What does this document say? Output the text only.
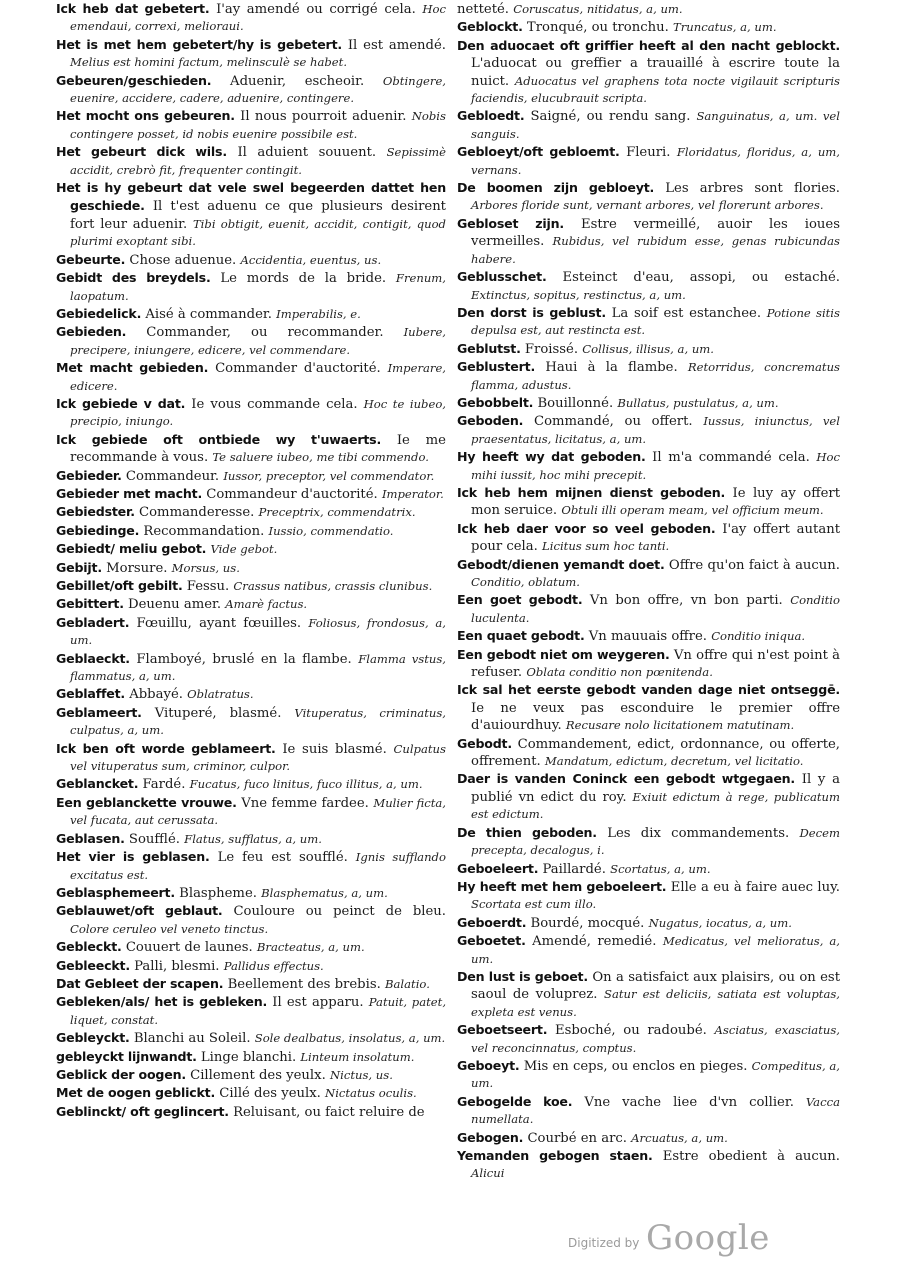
Ick heb dat gebetert. I'ay amendé ou corrigé cela. Hoc emendaui, correxi, melioraui.

Het is met hem gebetert/hy is gebetert. Il est amendé. Melius est homini factum, melinsculè se habet.

Gebeuren/geschieden. Aduenir, escheoir. Obtingere, euenire, accidere, cadere, aduenire, contingere.

Het mocht ons gebeuren. Il nous pourroit aduenir. Nobis contingere posset, id nobis euenire possibile est.

Het gebeurt dick wils. Il aduient souuent. Sepissimè accidit, crebrò fit, frequenter contingit.

Het is hy gebeurt dat vele swel begeerden dattet hen geschiede. Il t'est aduenu ce que plusieurs desirent fort leur aduenir. Tibi obtigit, euenit, accidit, contigit, quod plurimi exoptant sibi.

Gebeurte. Chose aduenue. Accidentia, euentus, us.

Gebidt des breydels. Le mords de la bride. Frenum, laopatum.

Gebiedelick. Aisé à commander. Imperabilis, e.

Gebieden. Commander, ou recommander. Iubere, precipere, iniungere, edicere, vel commendare.

Met macht gebieden. Commander d'auctorité. Imperare, edicere.

Ick gebiede v dat. Ie vous commande cela. Hoc te iubeo, precipio, iniungo.

Ick gebiede oft ontbiede wy t'uwaerts. Ie me recommande à vous. Te saluere iubeo, me tibi commendo.

Gebieder. Commandeur. Iussor, preceptor, vel commendator.

Gebieder met macht. Commandeur d'auctorité. Imperator.

Gebiedster. Commanderesse. Preceptrix, commendatrix.

Gebiedinge. Recommandation. Iussio, commendatio.

Gebiedt/ meliu gebot. Vide gebot.

Gebijt. Morsure. Morsus, us.

Gebillet/oft gebilt. Fessu. Crassus natibus, crassis clunibus.

Gebittert. Deuenu amer. Amarè factus.

Gebladert. Fœuillu, ayant fœuilles. Foliosus, frondosus, a, um.

Geblaeckt. Flamboyé, bruslé en la flambe. Flamma vstus, flammatus, a, um.

Geblaffet. Abbayé. Oblatratus.

Geblameert. Vituperé, blasmé. Vituperatus, criminatus, culpatus, a, um.

Ick ben oft worde geblameert. Ie suis blasmé. Culpatus vel vituperatus sum, criminor, culpor.

Geblancket. Fardé. Fucatus, fuco linitus, fuco illitus, a, um.

Een geblanckette vrouwe. Vne femme fardee. Mulier ficta, vel fucata, aut cerussata.

Geblasen. Soufflé. Flatus, sufflatus, a, um.

Het vier is geblasen. Le feu est soufflé. Ignis sufflando excitatus est.

Geblasphemeert. Blaspheme. Blasphematus, a, um.

Geblauwet/oft geblaut. Couloure ou peinct de bleu. Colore ceruleo vel veneto tinctus.

Gebleckt. Couuert de launes. Bracteatus, a, um.

Gebleeckt. Palli, blesmi. Pallidus effectus.

Dat Gebleet der scapen. Beellement des brebis. Balatio.

Gebleken/als/ het is gebleken. Il est apparu. Patuit, patet, liquet, constat.

Gebleyckt. Blanchi au Soleil. Sole dealbatus, insolatus, a, um.

gebleyckt lijnwandt. Linge blanchi. Linteum insolatum.

Geblick der oogen. Cillement des yeulx. Nictus, us.

Met de oogen geblickt. Cillé des yeulx. Nictatus oculis.

Geblinckt/ oft geglincert. Reluisant, ou faict reluire de

netteté. Coruscatus, nitidatus, a, um.

Geblockt. Tronqué, ou tronchu. Truncatus, a, um.

Den aduocaet oft griffier heeft al den nacht geblockt. L'aduocat ou greffier a trauaillé à escrire toute la nuict. Aduocatus vel graphens tota nocte vigilauit scripturis faciendis, elucubrauit scripta.

Gebloedt. Saigné, ou rendu sang. Sanguinatus, a, um. vel sanguis.

Gebloeyt/oft gebloemt. Fleuri. Floridatus, floridus, a, um, vernans.

De boomen zijn gebloeyt. Les arbres sont flories. Arbores floride sunt, vernant arbores, vel florerunt arbores.

Gebloset zijn. Estre vermeillé, auoir les ioues vermeilles. Rubidus, vel rubidum esse, genas rubicundas habere.

Geblusschet. Esteinct d'eau, assopi, ou estaché. Extinctus, sopitus, restinctus, a, um.

Den dorst is geblust. La soif est estanchee. Potione sitis depulsa est, aut restincta est.

Geblutst. Froissé. Collisus, illisus, a, um.

Geblustert. Haui à la flambe. Retorridus, concrematus flamma, adustus.

Gebobbelt. Bouillonné. Bullatus, pustulatus, a, um.

Geboden. Commandé, ou offert. Iussus, iniunctus, vel praesentatus, licitatus, a, um.

Hy heeft wy dat geboden. Il m'a commandé cela. Hoc mihi iussit, hoc mihi precepit.

Ick heb hem mijnen dienst geboden. Ie luy ay offert mon seruice. Obtuli illi operam meam, vel officium meum.

Ick heb daer voor so veel geboden. I'ay offert autant pour cela. Licitus sum hoc tanti.

Gebodt/dienen yemandt doet. Offre qu'on faict à aucun. Conditio, oblatum.

Een goet gebodt. Vn bon offre, vn bon parti. Conditio luculenta.

Een quaet gebodt. Vn mauuais offre. Conditio iniqua.

Een gebodt niet om weygeren. Vn offre qui n'est point à refuser. Oblata conditio non pœnitenda.

Ick sal het eerste gebodt vanden dage niet ontseggē. Ie ne veux pas esconduire le premier offre d'auiourdhuy. Recusare nolo licitationem matutinam.

Gebodt. Commandement, edict, ordonnance, ou offerte, offrement. Mandatum, edictum, decretum, vel licitatio.

Daer is vanden Coninck een gebodt wtgegaen. Il y a publié vn edict du roy. Exiuit edictum à rege, publicatum est edictum.

De thien geboden. Les dix commandements. Decem precepta, decalogus, i.

Geboeleert. Paillardé. Scortatus, a, um.

Hy heeft met hem geboeleert. Elle a eu à faire auec luy. Scortata est cum illo.

Geboerdt. Bourdé, mocqué. Nugatus, iocatus, a, um.

Geboetet. Amendé, remedié. Medicatus, vel melioratus, a, um.

Den lust is geboet. On a satisfaict aux plaisirs, ou on est saoul de voluprez. Satur est deliciis, satiata est voluptas, expleta est venus.

Geboetseert. Esboché, ou radoubé. Asciatus, exasciatus, vel reconcinnatus, comptus.

Geboeyt. Mis en ceps, ou enclos en pieges. Compeditus, a, um.

Gebogelde koe. Vne vache liee d'vn collier. Vacca numellata.

Gebogen. Courbé en arc. Arcuatus, a, um.

Yemanden gebogen staen. Estre obedient à aucun. Alicui

Digitized by Google
